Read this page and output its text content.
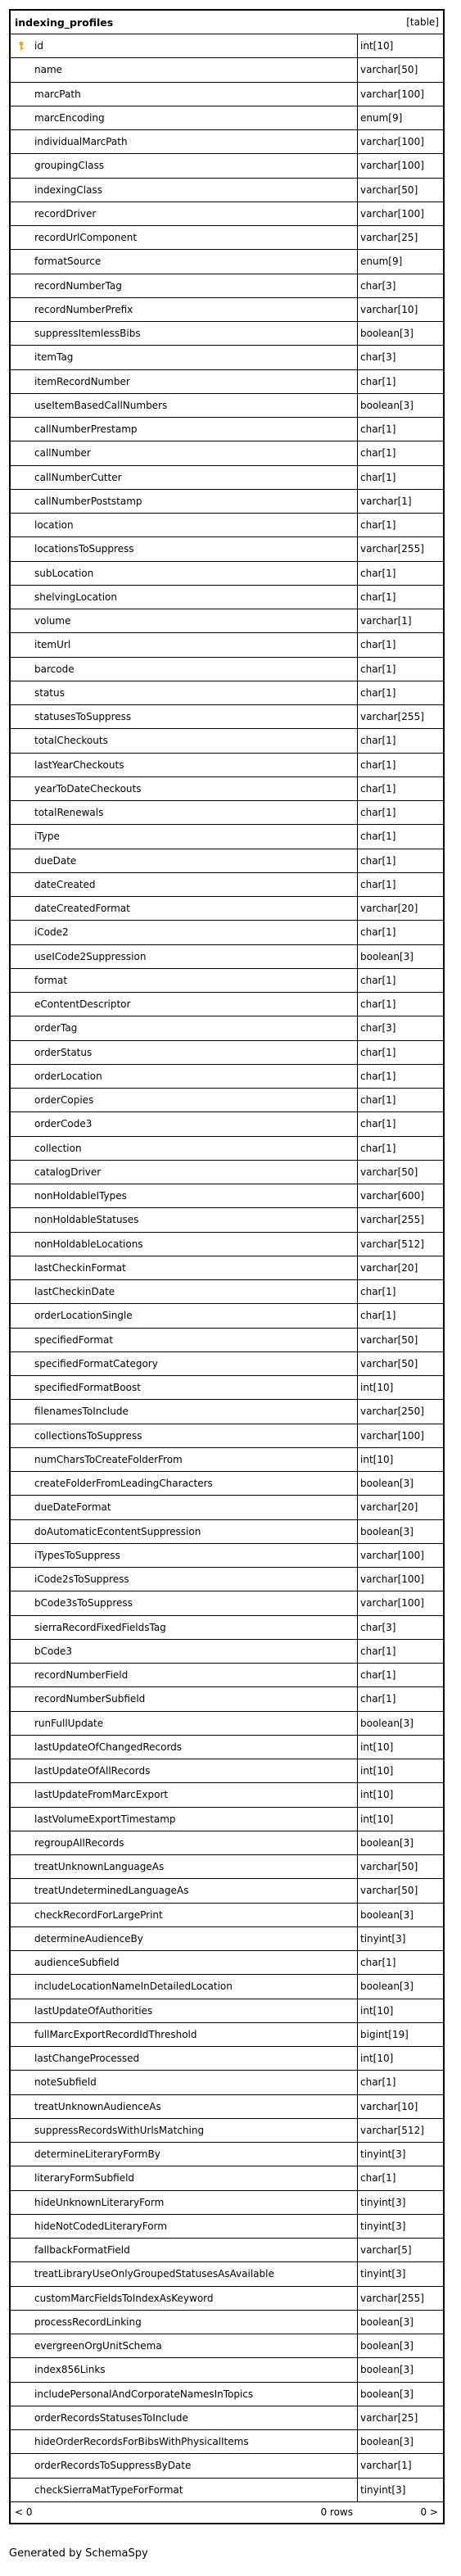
indexing_profiles	[table]
id	int[10]
name	varchar[50]
marcPath	varchar[100]
marcEncoding	enum[9]
individualMarcPath	varchar[100]
groupingClass	varchar[100]
indexingClass	varchar[50]
recordDriver	varchar[100]
recordUrlComponent	varchar[25]
formatSource	enum[9]
recordNumberTag	char[3]
recordNumberPrefix	varchar[10]
suppressItemlessBibs	boolean[3]
itemTag	char[3]
itemRecordNumber	char[1]
useItemBasedCallNumbers	boolean[3]
callNumberPrestamp	char[1]
callNumber	char[1]
callNumberCutter	char[1]
callNumberPoststamp	varchar[1]
location	char[1]
locationsToSuppress	varchar[255]
subLocation	char[1]
shelvingLocation	char[1]
volume	varchar[1]
itemUrl	char[1]
barcode	char[1]
status	char[1]
statusesToSuppress	varchar[255]
totalCheckouts	char[1]
lastYearCheckouts	char[1]
yearToDateCheckouts	char[1]
totalRenewals	char[1]
iType	char[1]
dueDate	char[1]
dateCreated	char[1]
dateCreatedFormat	varchar[20]
iCode2	char[1]
useICode2Suppression	boolean[3]
format	char[1]
eContentDescriptor	char[1]
orderTag	char[3]
orderStatus	char[1]
orderLocation	char[1]
orderCopies	char[1]
orderCode3	char[1]
collection	char[1]
catalogDriver	varchar[50]
nonHoldableITypes	varchar[600]
nonHoldableStatuses	varchar[255]
nonHoldableLocations	varchar[512]
lastCheckinFormat	varchar[20]
lastCheckinDate	char[1]
orderLocationSingle	char[1]
specifiedFormat	varchar[50]
specifiedFormatCategory	varchar[50]
specifiedFormatBoost	int[10]
filenamesToInclude	varchar[250]
collectionsToSuppress	varchar[100]
numCharsToCreateFolderFrom	int[10]
createFolderFromLeadingCharacters	boolean[3]
dueDateFormat	varchar[20]
doAutomaticEcontentSuppression	boolean[3]
iTypesToSuppress	varchar[100]
iCode2sToSuppress	varchar[100]
bCode3sToSuppress	varchar[100]
sierraRecordFixedFieldsTag	char[3]
bCode3	char[1]
recordNumberField	char[1]
recordNumberSubfield	char[1]
runFullUpdate	boolean[3]
lastUpdateOfChangedRecords	int[10]
lastUpdateOfAllRecords	int[10]
lastUpdateFromMarcExport	int[10]
lastVolumeExportTimestamp	int[10]
regroupAllRecords	boolean[3]
treatUnknownLanguageAs	varchar[50]
treatUndeterminedLanguageAs	varchar[50]
checkRecordForLargePrint	boolean[3]
determineAudienceBy	tinyint[3]
audienceSubfield	char[1]
includeLocationNameInDetailedLocation	boolean[3]
lastUpdateOfAuthorities	int[10]
fullMarcExportRecordIdThreshold	bigint[19]
lastChangeProcessed	int[10]
noteSubfield	char[1]
treatUnknownAudienceAs	varchar[10]
suppressRecordsWithUrlsMatching	varchar[512]
determineLiteraryFormBy	tinyint[3]
literaryFormSubfield	char[1]
hideUnknownLiteraryForm	tinyint[3]
hideNotCodedLiteraryForm	tinyint[3]
fallbackFormatField	varchar[5]
treatLibraryUseOnlyGroupedStatusesAsAvailable	tinyint[3]
customMarcFieldsToIndexAsKeyword	varchar[255]
processRecordLinking	boolean[3]
evergreenOrgUnitSchema	boolean[3]
index856Links	boolean[3]
includePersonalAndCorporateNamesInTopics	boolean[3]
orderRecordsStatusesToInclude	varchar[25]
hideOrderRecordsForBibsWithPhysicalItems	boolean[3]
orderRecordsToSuppressByDate	varchar[1]
checkSierraMatTypeForFormat	tinyint[3]
< 0	0 rows	0 >
Generated by SchemaSpy
